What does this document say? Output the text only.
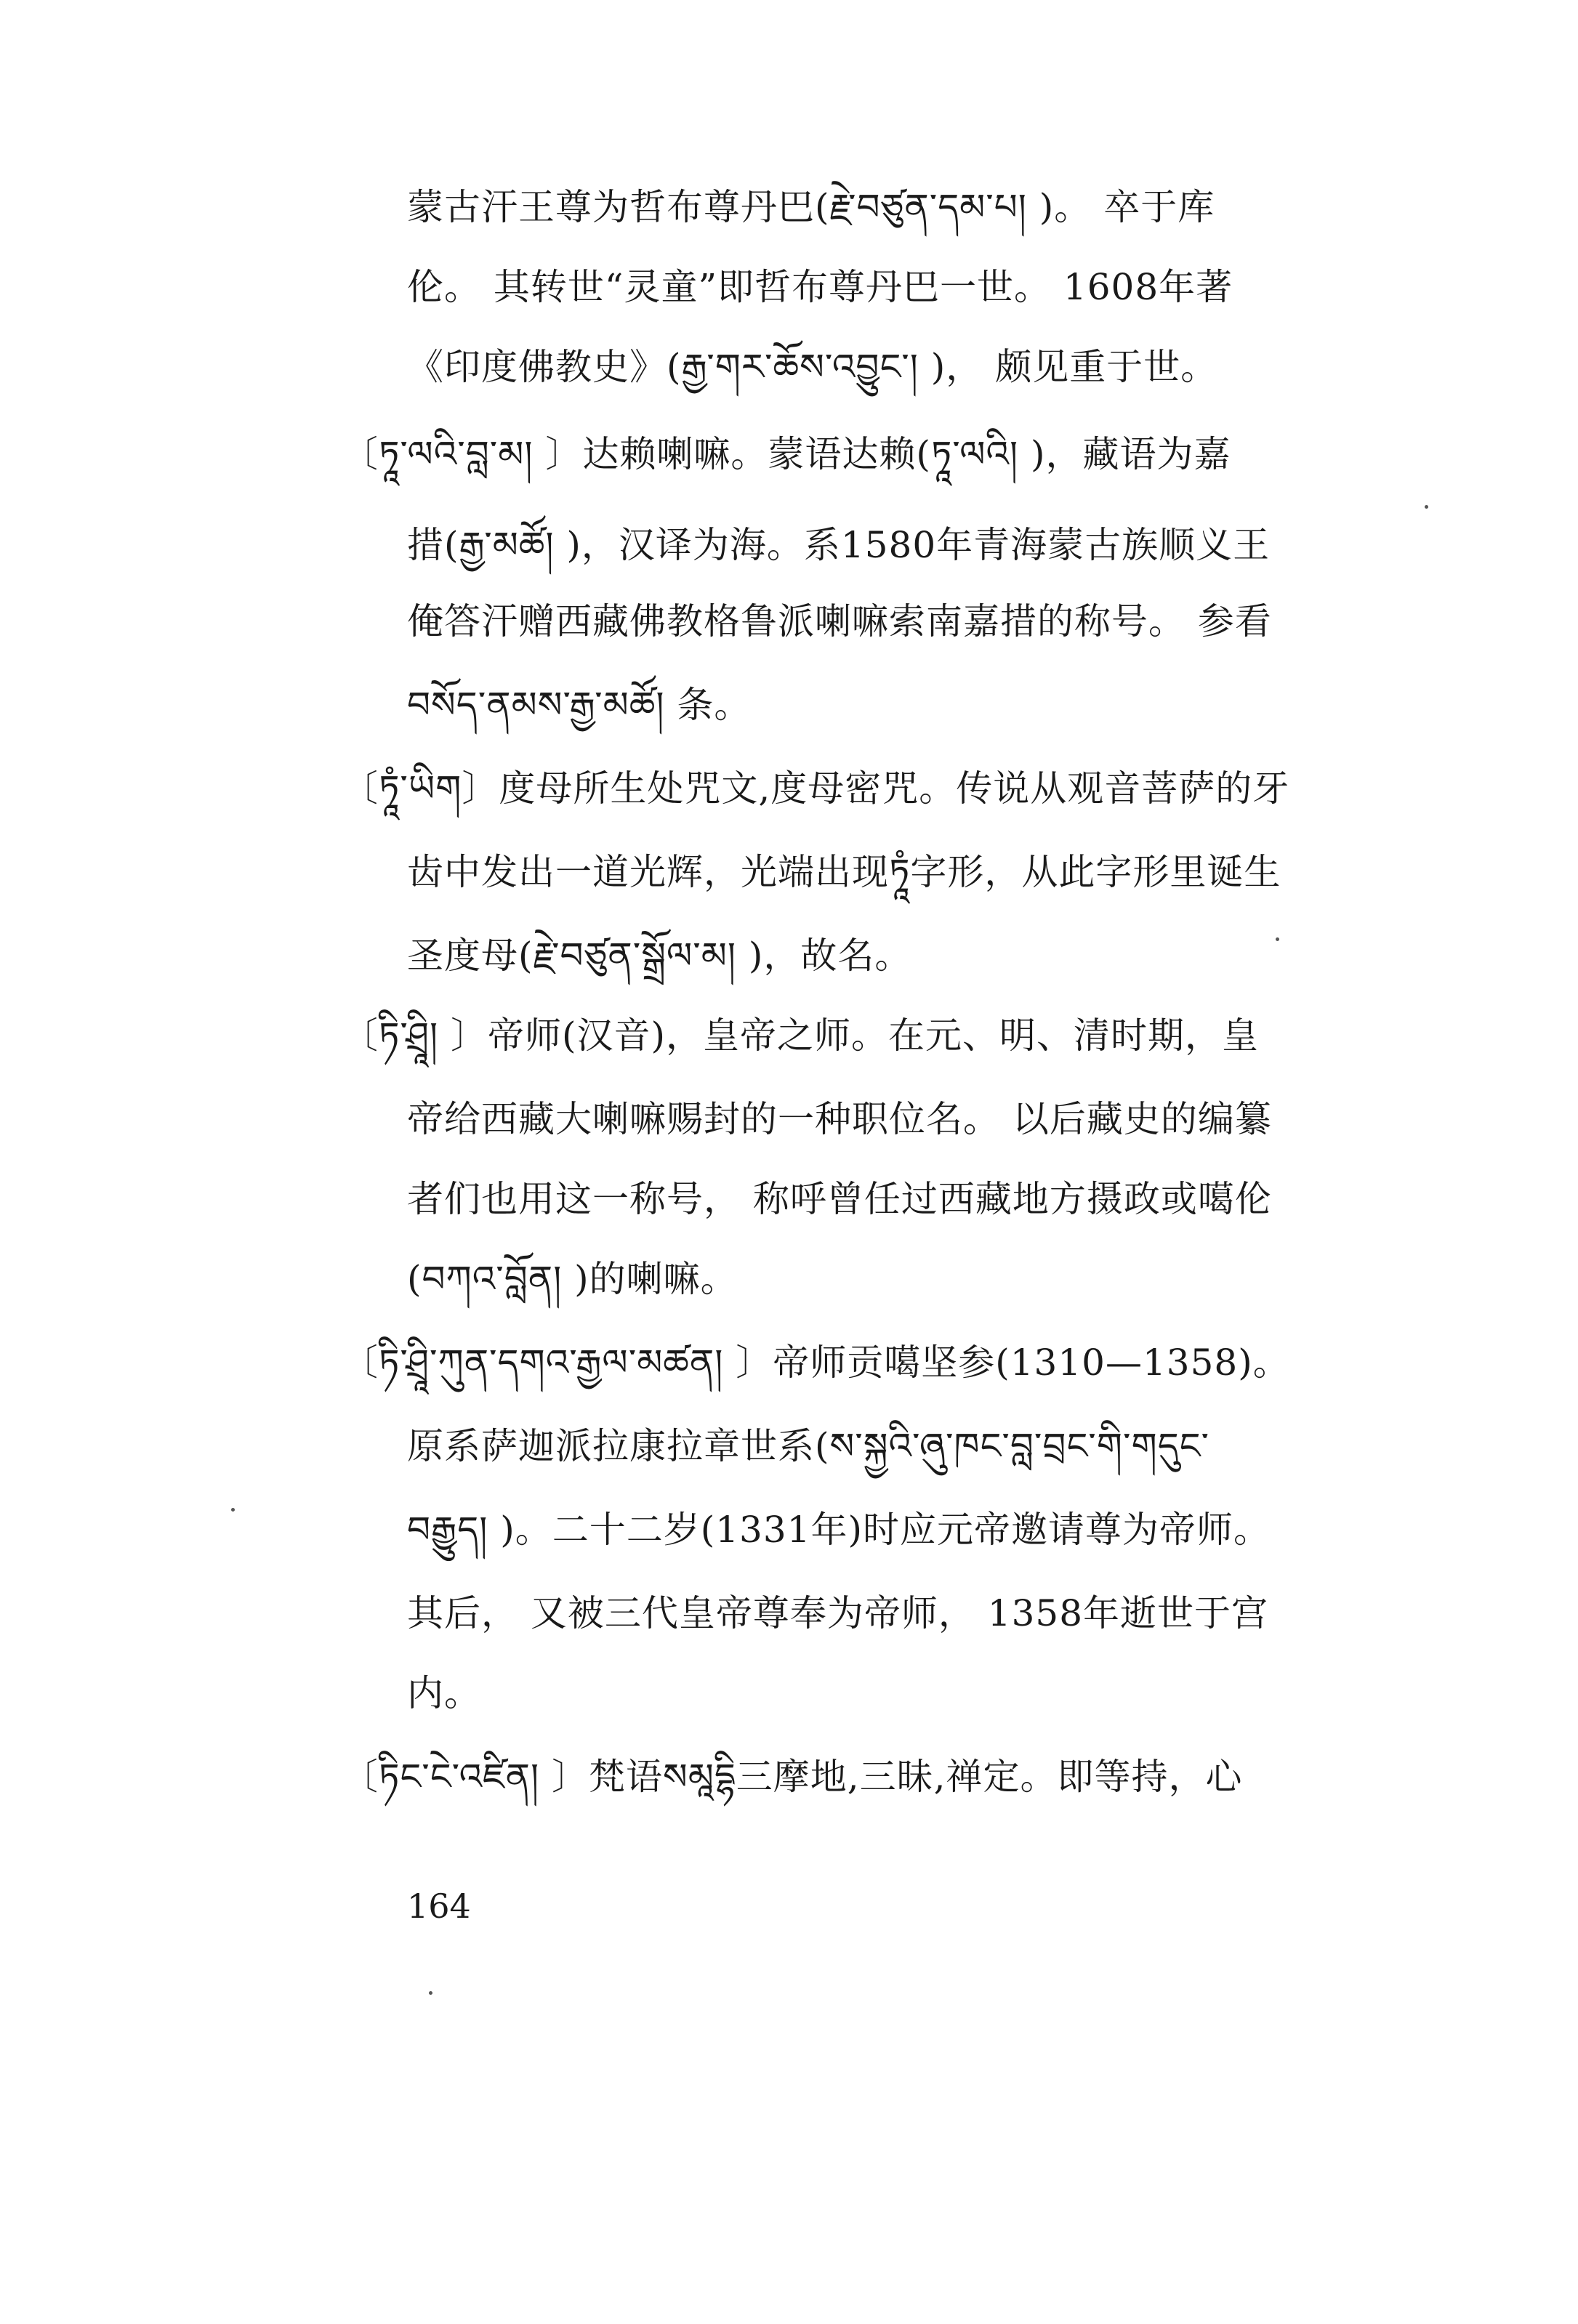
蒙古汗王尊为哲布尊丹巴(རྗེ་བཙུན་དམ་པ། )。 卒于库
伦。 其转世“灵童”即哲布尊丹巴一世。 1608年著
《印度佛教史》(རྒྱ་གར་ཆོས་འབྱུང་། )， 颇见重于世。
〔ཏཱ་ལའི་བླ་མ། 〕达赖喇嘛。蒙语达赖(ཏཱ་ལའི། )，藏语为嘉
措(རྒྱ་མཚོ། )，汉译为海。系1580年青海蒙古族顺义王
俺答汗赠西藏佛教格鲁派喇嘛索南嘉措的称号。 参看
བསོད་ནམས་རྒྱ་མཚོ། 条。
〔ཏཱཾ་ཡིག〕度母所生处咒文,度母密咒。传说从观音菩萨的牙
齿中发出一道光辉，光端出现ཏཱཾ字形，从此字形里诞生
圣度母(རྗེ་བཙུན་སྒྲོལ་མ། )，故名。
〔ཏི་ཤྲཱི། 〕帝师(汉音)，皇帝之师。在元、明、清时期，皇
帝给西藏大喇嘛赐封的一种职位名。 以后藏史的编纂
者们也用这一称号， 称呼曾任过西藏地方摄政或噶伦
(བཀའ་བློན། )的喇嘛。
〔ཏི་ཤྲཱི་ཀུན་དགའ་རྒྱལ་མཚན། 〕帝师贡噶坚参(1310—1358)。
原系萨迦派拉康拉章世系(ས་སྐྱའི་ཞུ་ཁང་བླ་བྲང་གི་གདུང་
བརྒྱུད། )。二十二岁(1331年)时应元帝邀请尊为帝师。
其后， 又被三代皇帝尊奉为帝师， 1358年逝世于宫
内。
〔ཏིང་ངེ་འཛིན། 〕梵语སམཱདྷི三摩地,三昧,禅定。即等持，心
164
